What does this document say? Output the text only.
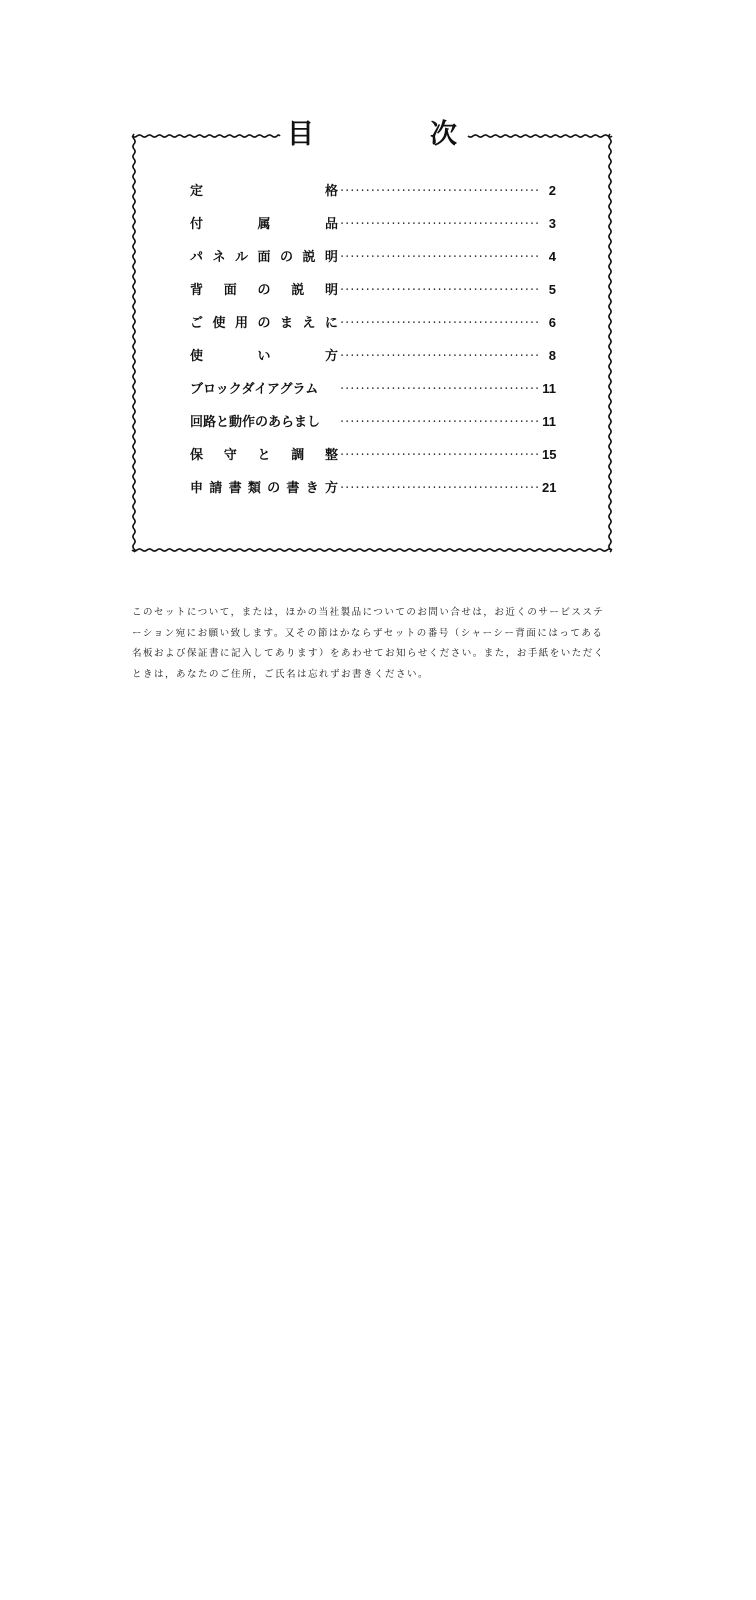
目	次
定	格 ·····	2
付	属	品 ·····	3
パ ネ ル 面 の 説 明 ·····	4
背 面 の 説 明 ·····	5
ご 使 用 の ま え に ·····	6
使	い	方 ·····	8
ブロックダイアグラム ·····	11
回路と動作のあらまし ·····	11
保 守 と 調 整 ·····	15
申 請 書 類 の 書 き 方 ·····	21

このセットについて，または，ほかの当社製品についてのお問い合せは，お近くのサービスステ

ーション宛にお願い致します。又その節はかならずセットの番号（シャーシー背面にはってある

名板および保証書に記入してあります）をあわせてお知らせください。また，お手紙をいただく

ときは，あなたのご住所，ご氏名は忘れずお書きください。
